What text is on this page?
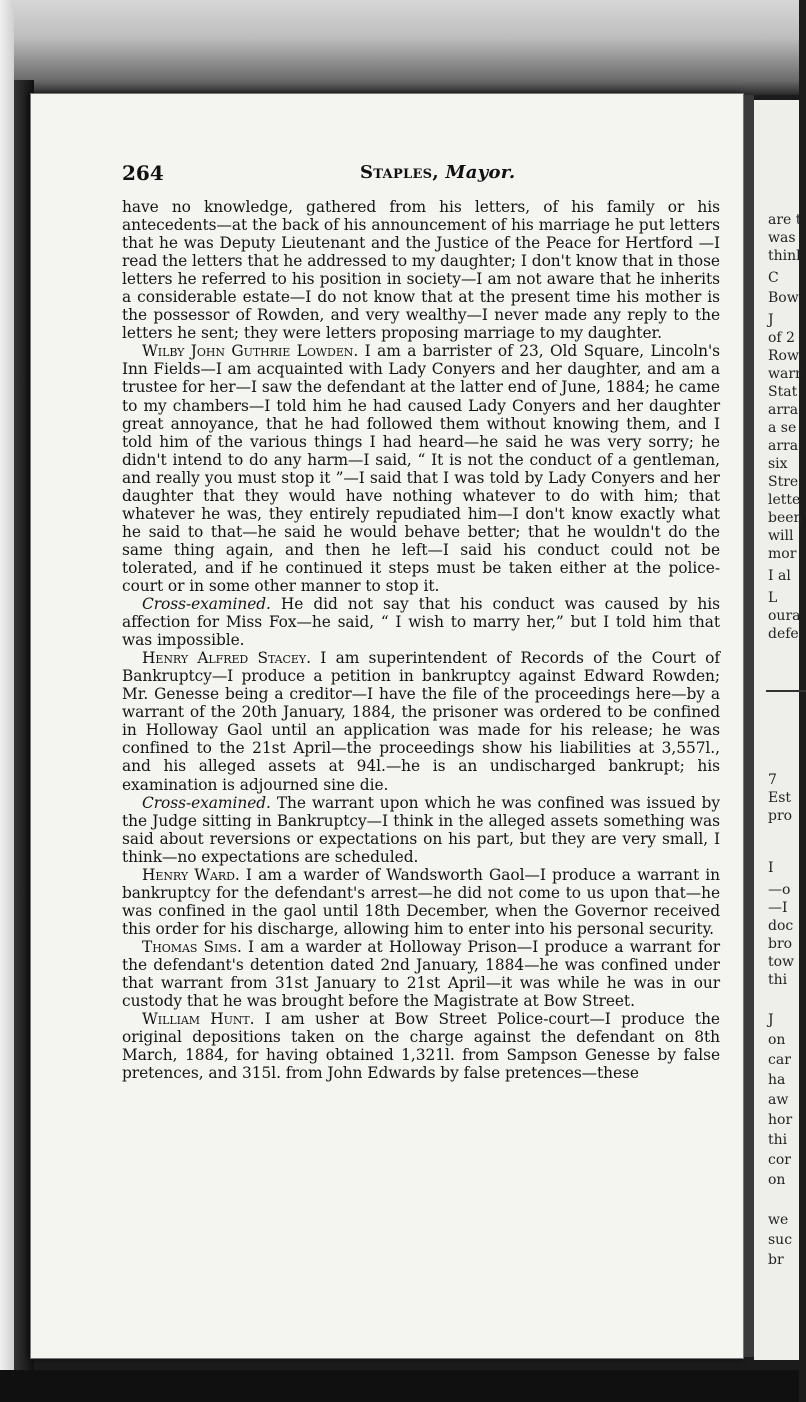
264	Staples, Mayor.

have no knowledge, gathered from his letters, of his family or his antecedents—at the back of his announcement of his marriage he put letters that he was Deputy Lieutenant and the Justice of the Peace for Hertford —I read the letters that he addressed to my daughter; I don't know that in those letters he referred to his position in society—I am not aware that he inherits a considerable estate—I do not know that at the present time his mother is the possessor of Rowden, and very wealthy—I never made any reply to the letters he sent; they were letters proposing marriage to my daughter.

Wilby John Guthrie Lowden. I am a barrister of 23, Old Square, Lincoln's Inn Fields—I am acquainted with Lady Conyers and her daughter, and am a trustee for her—I saw the defendant at the latter end of June, 1884; he came to my chambers—I told him he had caused Lady Conyers and her daughter great annoyance, that he had followed them without knowing them, and I told him of the various things I had heard—he said he was very sorry; he didn't intend to do any harm—I said, “ It is not the conduct of a gentleman, and really you must stop it ”—I said that I was told by Lady Conyers and her daughter that they would have nothing whatever to do with him; that whatever he was, they entirely repudiated him—I don't know exactly what he said to that—he said he would behave better; that he wouldn't do the same thing again, and then he left—I said his conduct could not be tolerated, and if he continued it steps must be taken either at the police-court or in some other manner to stop it.

Cross-examined. He did not say that his conduct was caused by his affection for Miss Fox—he said, “ I wish to marry her,” but I told him that was impossible.

Henry Alfred Stacey. I am superintendent of Records of the Court of Bankruptcy—I produce a petition in bankruptcy against Edward Rowden; Mr. Genesse being a creditor—I have the file of the proceedings here—by a warrant of the 20th January, 1884, the prisoner was ordered to be confined in Holloway Gaol until an application was made for his release; he was confined to the 21st April—the proceedings show his liabilities at 3,557l., and his alleged assets at 94l.—he is an undischarged bankrupt; his examination is adjourned sine die.

Cross-examined. The warrant upon which he was confined was issued by the Judge sitting in Bankruptcy—I think in the alleged assets something was said about reversions or expectations on his part, but they are very small, I think—no expectations are scheduled.

Henry Ward. I am a warder of Wandsworth Gaol—I produce a warrant in bankruptcy for the defendant's arrest—he did not come to us upon that—he was confined in the gaol until 18th December, when the Governor received this order for his discharge, allowing him to enter into his personal security.

Thomas Sims. I am a warder at Holloway Prison—I produce a warrant for the defendant's detention dated 2nd January, 1884—he was confined under that warrant from 31st January to 21st April—it was while he was in our custody that he was brought before the Magistrate at Bow Street.

William Hunt. I am usher at Bow Street Police-court—I produce the original depositions taken on the charge against the defendant on 8th March, 1884, for having obtained 1,321l. from Sampson Genesse by false pretences, and 315l. from John Edwards by false pretences—these

are t
was
thinl
C
Bow
J
of 2
Row
warr
Stat
arra
a se
arra
six
Stre
lette
been
will
mor
I al
L
oura
defe
7
Est
pro
I
—o
—I
doc
bro
tow
thi
J
on
car
ha
aw
hor
thi
cor
on
we
suc
br
